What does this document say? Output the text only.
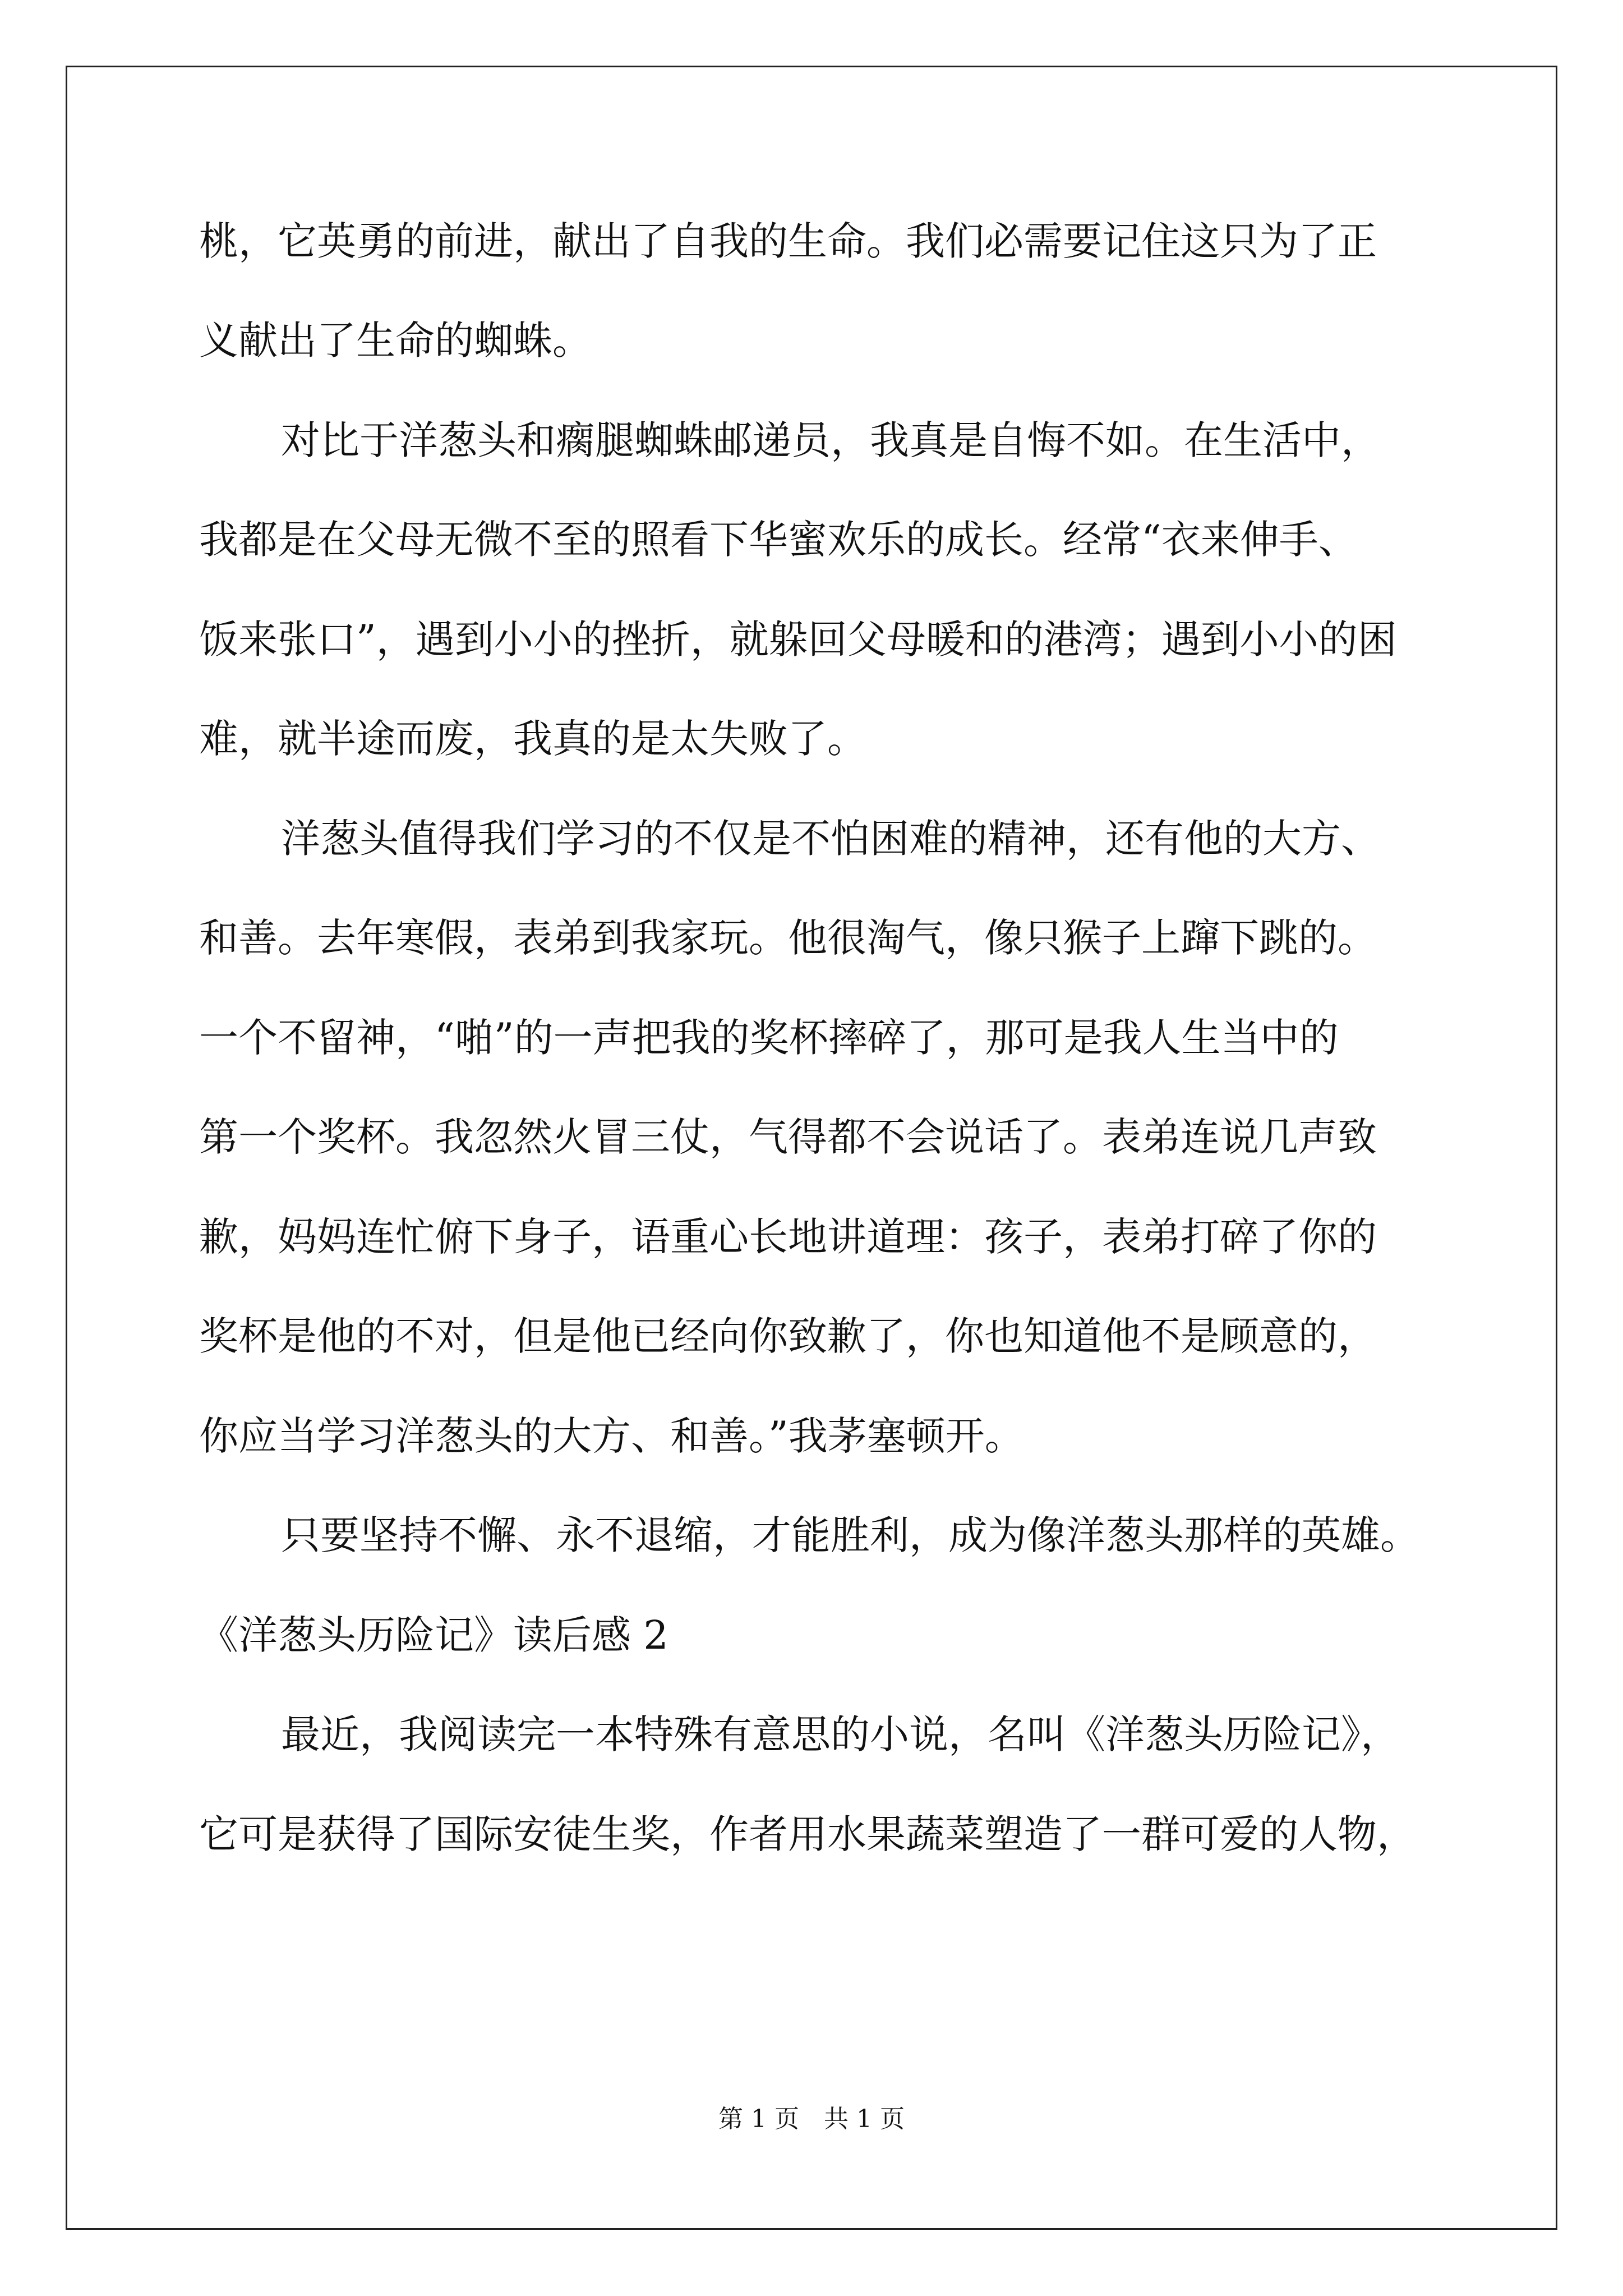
桃，它英勇的前进，献出了自我的生命。我们必需要记住这只为了正
义献出了生命的蜘蛛。
对比于洋葱头和瘸腿蜘蛛邮递员，我真是自悔不如。在生活中，
我都是在父母无微不至的照看下华蜜欢乐的成长。经常“衣来伸手、
饭来张口”，遇到小小的挫折，就躲回父母暖和的港湾；遇到小小的困
难，就半途而废，我真的是太失败了。
洋葱头值得我们学习的不仅是不怕困难的精神，还有他的大方、
和善。去年寒假，表弟到我家玩。他很淘气，像只猴子上蹿下跳的。
一个不留神，“啪”的一声把我的奖杯摔碎了，那可是我人生当中的
第一个奖杯。我忽然火冒三仗，气得都不会说话了。表弟连说几声致
歉，妈妈连忙俯下身子，语重心长地讲道理：孩子，表弟打碎了你的
奖杯是他的不对，但是他已经向你致歉了，你也知道他不是顾意的，
你应当学习洋葱头的大方、和善。”我茅塞顿开。
只要坚持不懈、永不退缩，才能胜利，成为像洋葱头那样的英雄。
《洋葱头历险记》读后感 2
最近，我阅读完一本特殊有意思的小说，名叫《洋葱头历险记》，
它可是获得了国际安徒生奖，作者用水果蔬菜塑造了一群可爱的人物，
第 1 页　共 1 页
